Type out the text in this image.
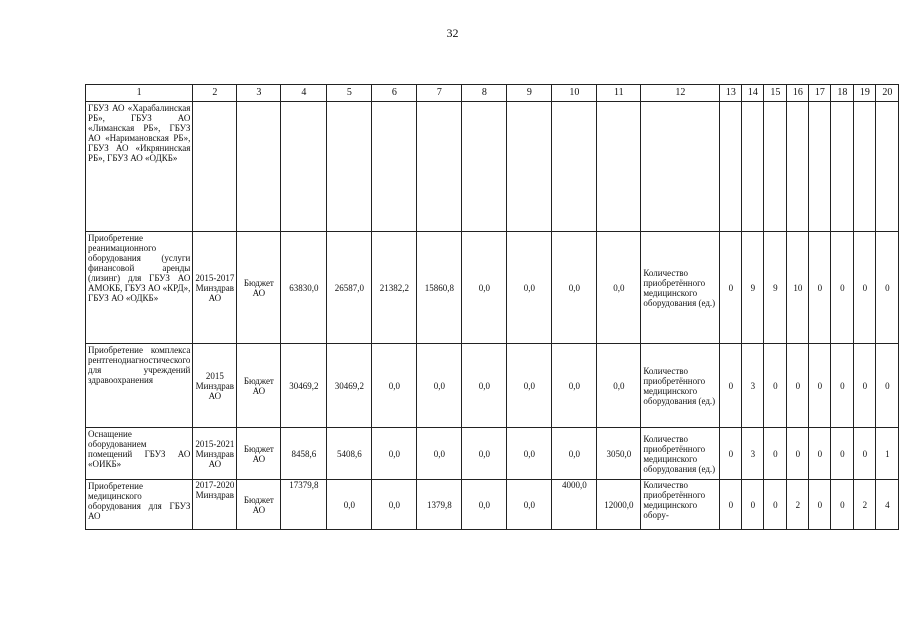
32
1	2	3	4	5	6	7	8	9	10	11	12	13	14	15	16	17	18	19	20
ГБУЗ АО «Харабалинская РБ», ГБУЗ АО «Лиманская РБ», ГБУЗ АО «Наримановская РБ», ГБУЗ АО «Икрянинская РБ», ГБУЗ АО «ОДКБ»																			
Приобретение реанимационного оборудования (услуги финансовой аренды (лизинг) для ГБУЗ АО АМОКБ, ГБУЗ АО «КРД», ГБУЗ АО «ОДКБ»	2015-2017 Минздрав АО	Бюджет АО	63830,0	26587,0	21382,2	15860,8	0,0	0,0	0,0	0,0	Количество приобретённого медицинского оборудования (ед.)	0	9	9	10	0	0	0	0
Приобретение комплекса рентгенодиагностического для учреждений здравоохранения	2015 Минздрав АО	Бюджет АО	30469,2	30469,2	0,0	0,0	0,0	0,0	0,0	0,0	Количество приобретённого медицинского оборудования (ед.)	0	3	0	0	0	0	0	0
Оснащение оборудованием помещений ГБУЗ АО «ОИКБ»	2015-2021 Минздрав АО	Бюджет АО	8458,6	5408,6	0,0	0,0	0,0	0,0	0,0	3050,0	Количество приобретённого медицинского оборудования (ед.)	0	3	0	0	0	0	0	1
Приобретение медицинского оборудования для ГБУЗ АО	2017-2020 Минздрав	Бюджет АО	17379,8	0,0	0,0	1379,8	0,0	0,0	4000,0	12000,0	Количество приобретённого медицинского обору-	0	0	0	2	0	0	2	4
